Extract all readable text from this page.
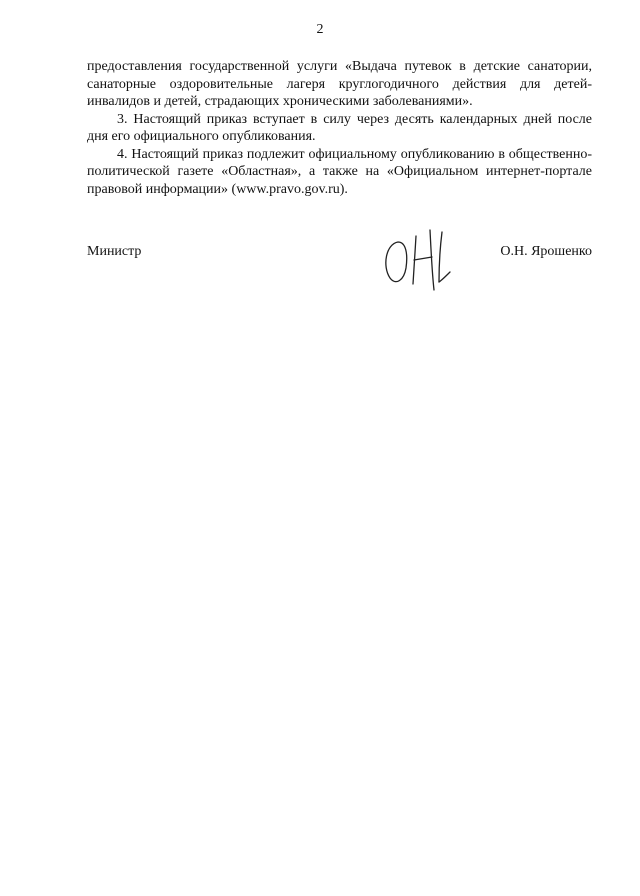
2

предоставления государственной услуги «Выдача путевок в детские санатории, санаторные оздоровительные лагеря круглогодичного действия для детей-инвалидов и детей, страдающих хроническими заболеваниями».

3. Настоящий приказ вступает в силу через десять календарных дней после дня его официального опубликования.

4. Настоящий приказ подлежит официальному опубликованию в общественно-политической газете «Областная», а также на «Официальном интернет-портале правовой информации» (www.pravo.gov.ru).

Министр	О.Н. Ярошенко
